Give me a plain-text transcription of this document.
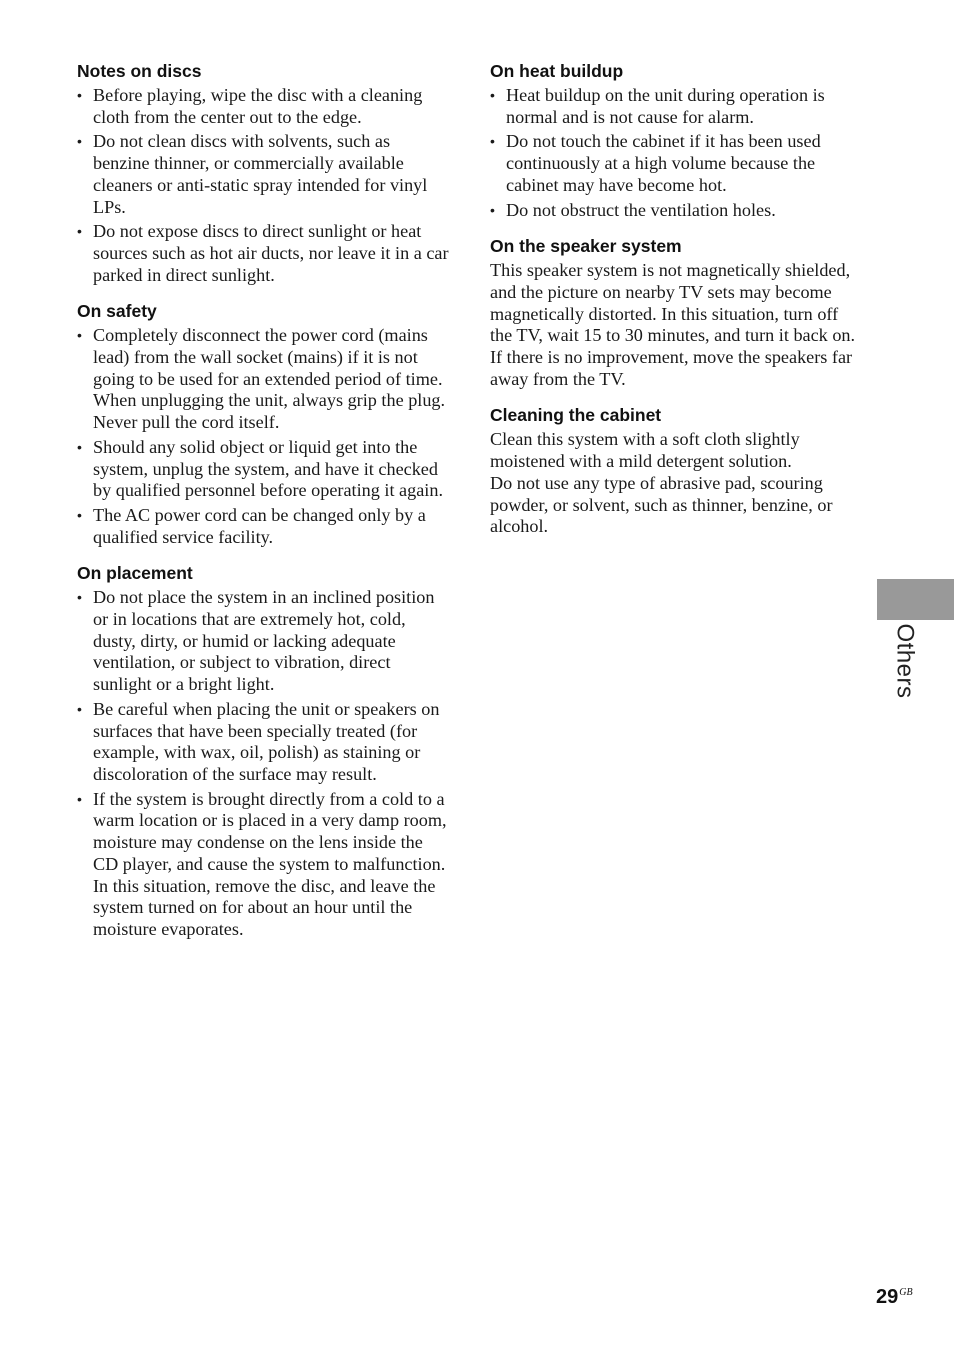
Notes on discs
• Before playing, wipe the disc with a cleaning cloth from the center out to the edge.
• Do not clean discs with solvents, such as benzine thinner, or commercially available cleaners or anti-static spray intended for vinyl LPs.
• Do not expose discs to direct sunlight or heat sources such as hot air ducts, nor leave it in a car parked in direct sunlight.
On safety
• Completely disconnect the power cord (mains lead) from the wall socket (mains) if it is not going to be used for an extended period of time. When unplugging the unit, always grip the plug. Never pull the cord itself.
• Should any solid object or liquid get into the system, unplug the system, and have it checked by qualified personnel before operating it again.
• The AC power cord can be changed only by a qualified service facility.
On placement
• Do not place the system in an inclined position or in locations that are extremely hot, cold, dusty, dirty, or humid or lacking adequate ventilation, or subject to vibration, direct sunlight or a bright light.
• Be careful when placing the unit or speakers on surfaces that have been specially treated (for example, with wax, oil, polish) as staining or discoloration of the surface may result.
• If the system is brought directly from a cold to a warm location or is placed in a very damp room, moisture may condense on the lens inside the CD player, and cause the system to malfunction. In this situation, remove the disc, and leave the system turned on for about an hour until the moisture evaporates.
On heat buildup
• Heat buildup on the unit during operation is normal and is not cause for alarm.
• Do not touch the cabinet if it has been used continuously at a high volume because the cabinet may have become hot.
• Do not obstruct the ventilation holes.
On the speaker system

This speaker system is not magnetically shielded, and the picture on nearby TV sets may become magnetically distorted. In this situation, turn off the TV, wait 15 to 30 minutes, and turn it back on. If there is no improvement, move the speakers far away from the TV.

Cleaning the cabinet

Clean this system with a soft cloth slightly moistened with a mild detergent solution.

Do not use any type of abrasive pad, scouring powder, or solvent, such as thinner, benzine, or alcohol.

Others
$29^{GB}$
